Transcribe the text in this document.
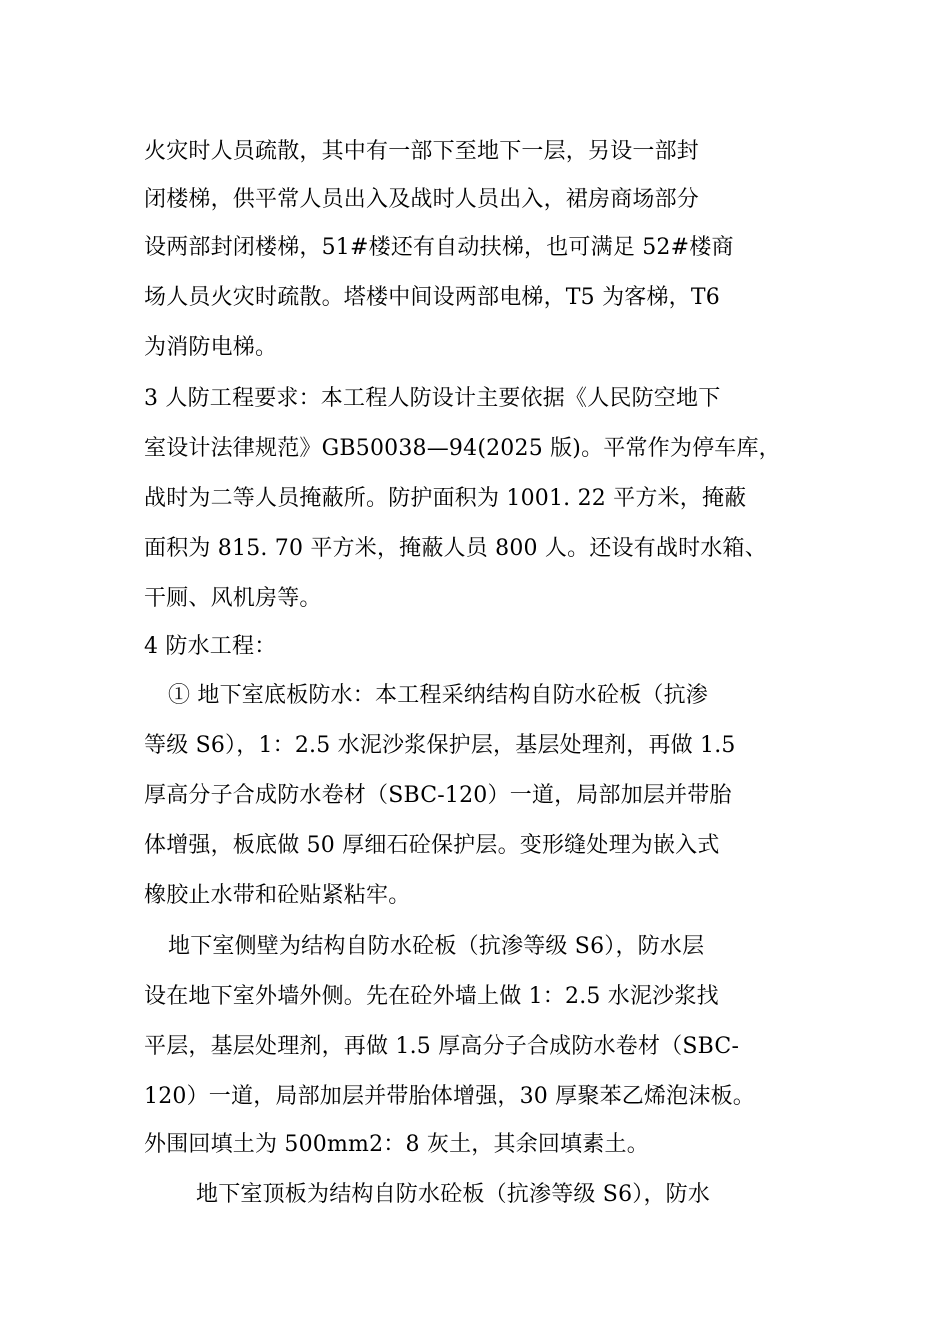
火灾时人员疏散，其中有一部下至地下一层，另设一部封
闭楼梯，供平常人员出入及战时人员出入，裙房商场部分
设两部封闭楼梯，51#楼还有自动扶梯，也可满足 52#楼商
场人员火灾时疏散。塔楼中间设两部电梯，T5 为客梯，T6
为消防电梯。
3 人防工程要求：本工程人防设计主要依据《人民防空地下
室设计法律规范》GB50038—94(2025 版)。平常作为停车库，
战时为二等人员掩蔽所。防护面积为 1001. 22 平方米，掩蔽
面积为 815. 70 平方米，掩蔽人员 800 人。还设有战时水箱、
干厕、风机房等。
4 防水工程：
① 地下室底板防水：本工程采纳结构自防水砼板（抗渗
等级 S6），1：2.5 水泥沙浆保护层，基层处理剂，再做 1.5
厚高分子合成防水卷材（SBC-120）一道，局部加层并带胎
体增强，板底做 50 厚细石砼保护层。变形缝处理为嵌入式
橡胶止水带和砼贴紧粘牢。
地下室侧壁为结构自防水砼板（抗渗等级 S6），防水层
设在地下室外墙外侧。先在砼外墙上做 1：2.5 水泥沙浆找
平层，基层处理剂，再做 1.5 厚高分子合成防水卷材（SBC-
120）一道，局部加层并带胎体增强，30 厚聚苯乙烯泡沫板。
外围回填土为 500mm2：8 灰土，其余回填素土。
地下室顶板为结构自防水砼板（抗渗等级 S6），防水
